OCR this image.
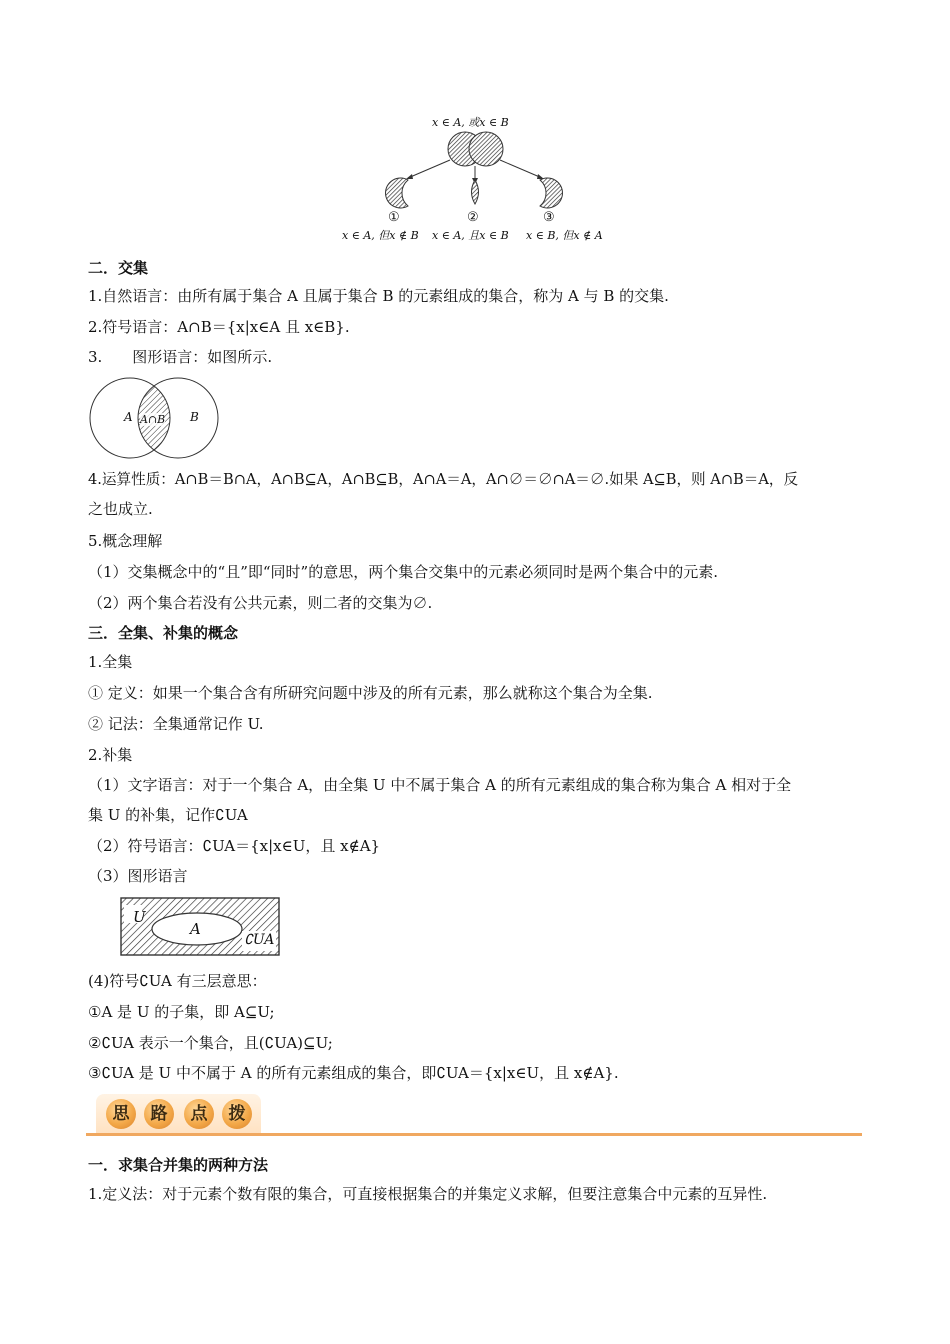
x ∈ A, 或x ∈ B
①	②	③
x ∈ A, 但x ∉ B x ∈ A, 且x ∈ B x ∈ B, 但x ∉ A
二．交集
1.自然语言：由所有属于集合 A 且属于集合 B 的元素组成的集合，称为 A 与 B 的交集.
2.符号语言：A∩B＝{x|x∈A 且 x∈B}.
3.　　图形语言：如图所示.
A A∩B B
4.运算性质：A∩B＝B∩A，A∩B⊆A，A∩B⊆B，A∩A＝A，A∩∅＝∅∩A＝∅.如果 A⊆B，则 A∩B＝A，反
之也成立.
5.概念理解
（1）交集概念中的“且”即“同时”的意思，两个集合交集中的元素必须同时是两个集合中的元素.
（2）两个集合若没有公共元素，则二者的交集为∅.
三．全集、补集的概念
1.全集
① 定义：如果一个集合含有所研究问题中涉及的所有元素，那么就称这个集合为全集.
② 记法：全集通常记作 U.
2.补集
（1）文字语言：对于一个集合 A，由全集 U 中不属于集合 A 的所有元素组成的集合称为集合 A 相对于全
集 U 的补集，记作∁UA
（2）符号语言：∁UA＝{x|x∈U，且 x∉A}
（3）图形语言
U
A
∁UA
(4)符号∁UA 有三层意思：
①A 是 U 的子集，即 A⊆U;
②∁UA 表示一个集合，且(∁UA)⊆U;
③∁UA 是 U 中不属于 A 的所有元素组成的集合，即∁UA＝{x|x∈U，且 x∉A}.
思	路	点	拨
一．求集合并集的两种方法
1.定义法：对于元素个数有限的集合，可直接根据集合的并集定义求解，但要注意集合中元素的互异性.
